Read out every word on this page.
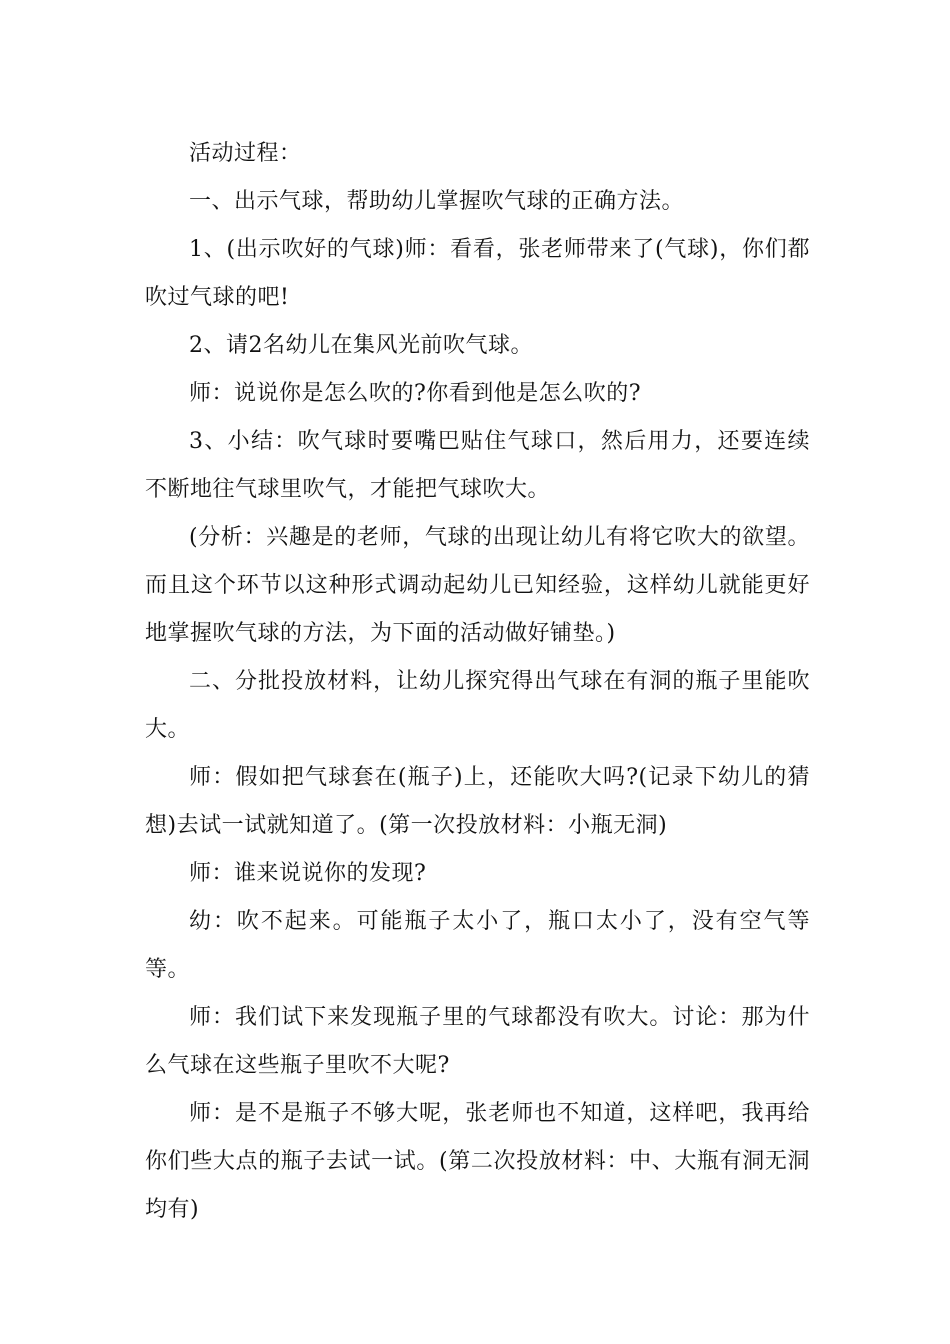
活动过程：

一、出示气球，帮助幼儿掌握吹气球的正确方法。

1、(出示吹好的气球)师：看看，张老师带来了(气球)，你们都吹过气球的吧!

2、请2名幼儿在集风光前吹气球。

师：说说你是怎么吹的?你看到他是怎么吹的?

3、小结：吹气球时要嘴巴贴住气球口，然后用力，还要连续不断地往气球里吹气，才能把气球吹大。

(分析：兴趣是的老师，气球的出现让幼儿有将它吹大的欲望。而且这个环节以这种形式调动起幼儿已知经验，这样幼儿就能更好地掌握吹气球的方法，为下面的活动做好铺垫。)

二、分批投放材料，让幼儿探究得出气球在有洞的瓶子里能吹大。

师：假如把气球套在(瓶子)上，还能吹大吗?(记录下幼儿的猜想)去试一试就知道了。(第一次投放材料：小瓶无洞)

师：谁来说说你的发现?

幼：吹不起来。可能瓶子太小了，瓶口太小了，没有空气等等。

师：我们试下来发现瓶子里的气球都没有吹大。讨论：那为什么气球在这些瓶子里吹不大呢?

师：是不是瓶子不够大呢，张老师也不知道，这样吧，我再给你们些大点的瓶子去试一试。(第二次投放材料：中、大瓶有洞无洞均有)
